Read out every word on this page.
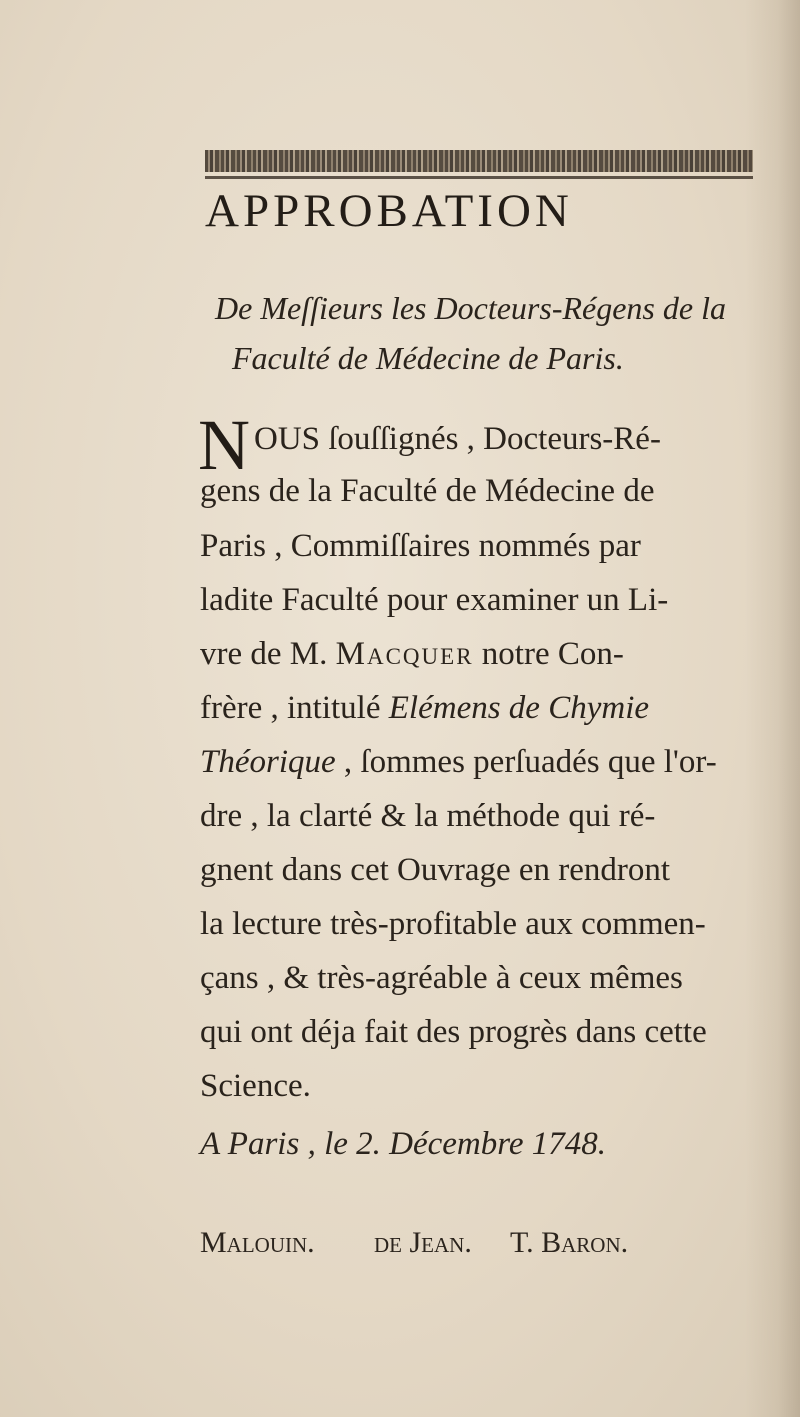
APPROBATION
De Meſſieurs les Docteurs-Régens de la
Faculté de Médecine de Paris.
N OUS ſouſſignés , Docteurs-Ré-
gens de la Faculté de Médecine de
Paris , Commiſſaires nommés par
ladite Faculté pour examiner un Li-
vre de M. Macquer notre Con-
frère , intitulé Elémens de Chymie
Théorique , ſommes perſuadés que l'or-
dre , la clarté & la méthode qui ré-
gnent dans cet Ouvrage en rendront
la lecture très-profitable aux commen-
çans , & très-agréable à ceux mêmes
qui ont déja fait des progrès dans cette
Science.
A Paris , le 2. Décembre 1748.
Malouin. de Jean. T. Baron.
